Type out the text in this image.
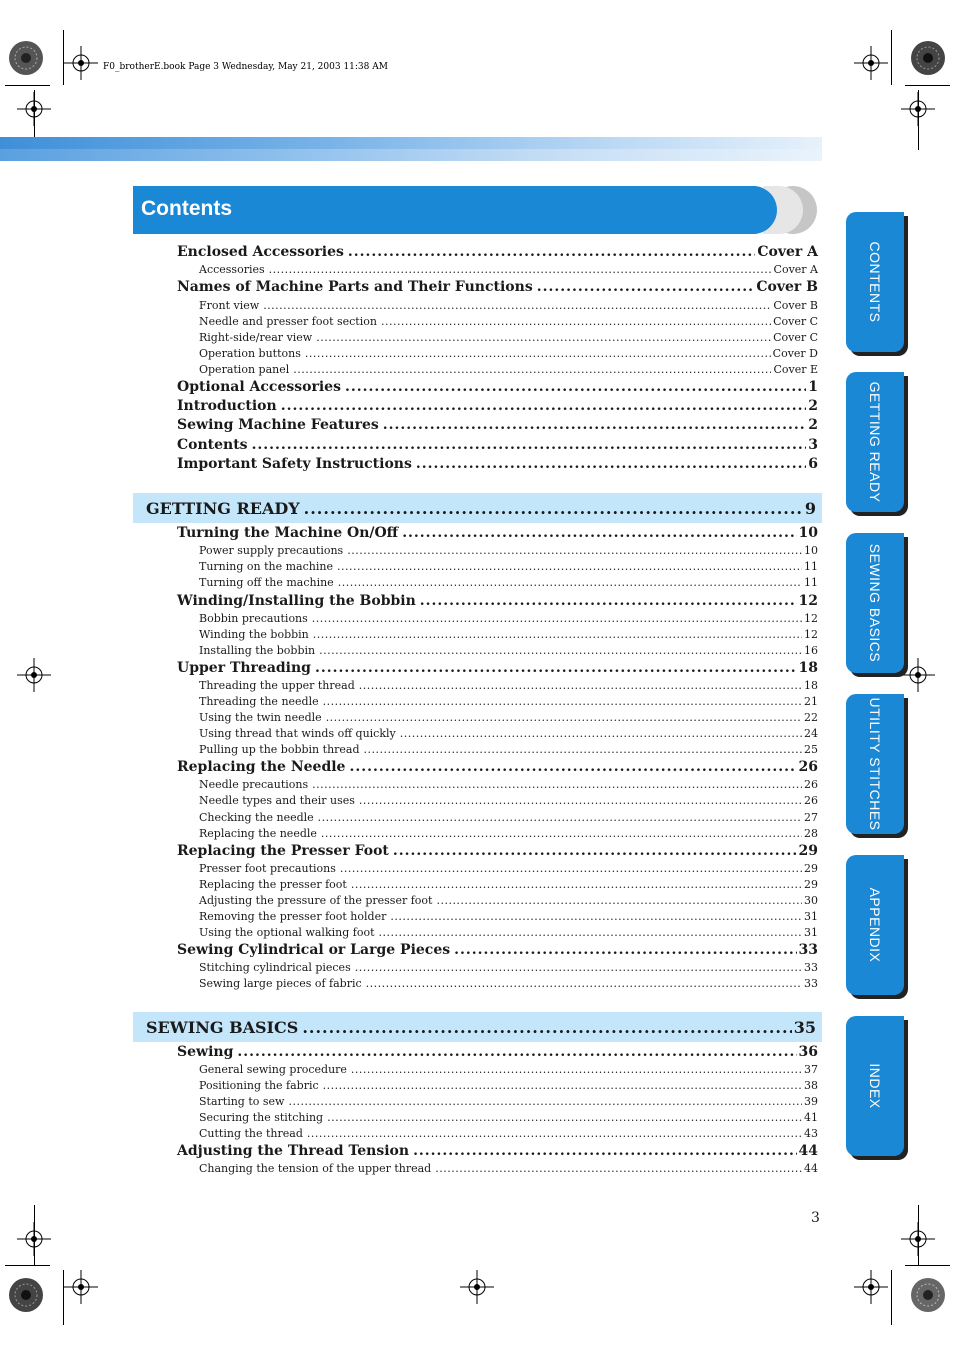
F0_brotherE.book Page 3 Wednesday, May 21, 2003 11:38 AM
Contents
Enclosed Accessories .....	Cover A
Accessories .....	Cover A
Names of Machine Parts and Their Functions .....	Cover B
Front view .....	Cover B
Needle and presser foot section .....	Cover C
Right-side/rear view .....	Cover C
Operation buttons .....	Cover D
Operation panel .....	Cover E
Optional Accessories .....	1
Introduction .....	2
Sewing Machine Features .....	2
Contents .....	3
Important Safety Instructions .....	6
GETTING READY .....	9
Turning the Machine On/Off .....	10
Power supply precautions .....	10
Turning on the machine .....	11
Turning off the machine .....	11
Winding/Installing the Bobbin .....	12
Bobbin precautions .....	12
Winding the bobbin .....	12
Installing the bobbin .....	16
Upper Threading .....	18
Threading the upper thread .....	18
Threading the needle .....	21
Using the twin needle .....	22
Using thread that winds off quickly .....	24
Pulling up the bobbin thread .....	25
Replacing the Needle .....	26
Needle precautions .....	26
Needle types and their uses .....	26
Checking the needle .....	27
Replacing the needle .....	28
Replacing the Presser Foot .....	29
Presser foot precautions .....	29
Replacing the presser foot .....	29
Adjusting the pressure of the presser foot .....	30
Removing the presser foot holder .....	31
Using the optional walking foot .....	31
Sewing Cylindrical or Large Pieces .....	33
Stitching cylindrical pieces .....	33
Sewing large pieces of fabric .....	33
SEWING BASICS .....	35
Sewing .....	36
General sewing procedure .....	37
Positioning the fabric .....	38
Starting to sew .....	39
Securing the stitching .....	41
Cutting the thread .....	43
Adjusting the Thread Tension .....	44
Changing the tension of the upper thread .....	44
CONTENTS
GETTING READY
SEWING BASICS
UTILITY STITCHES
APPENDIX
INDEX
3
